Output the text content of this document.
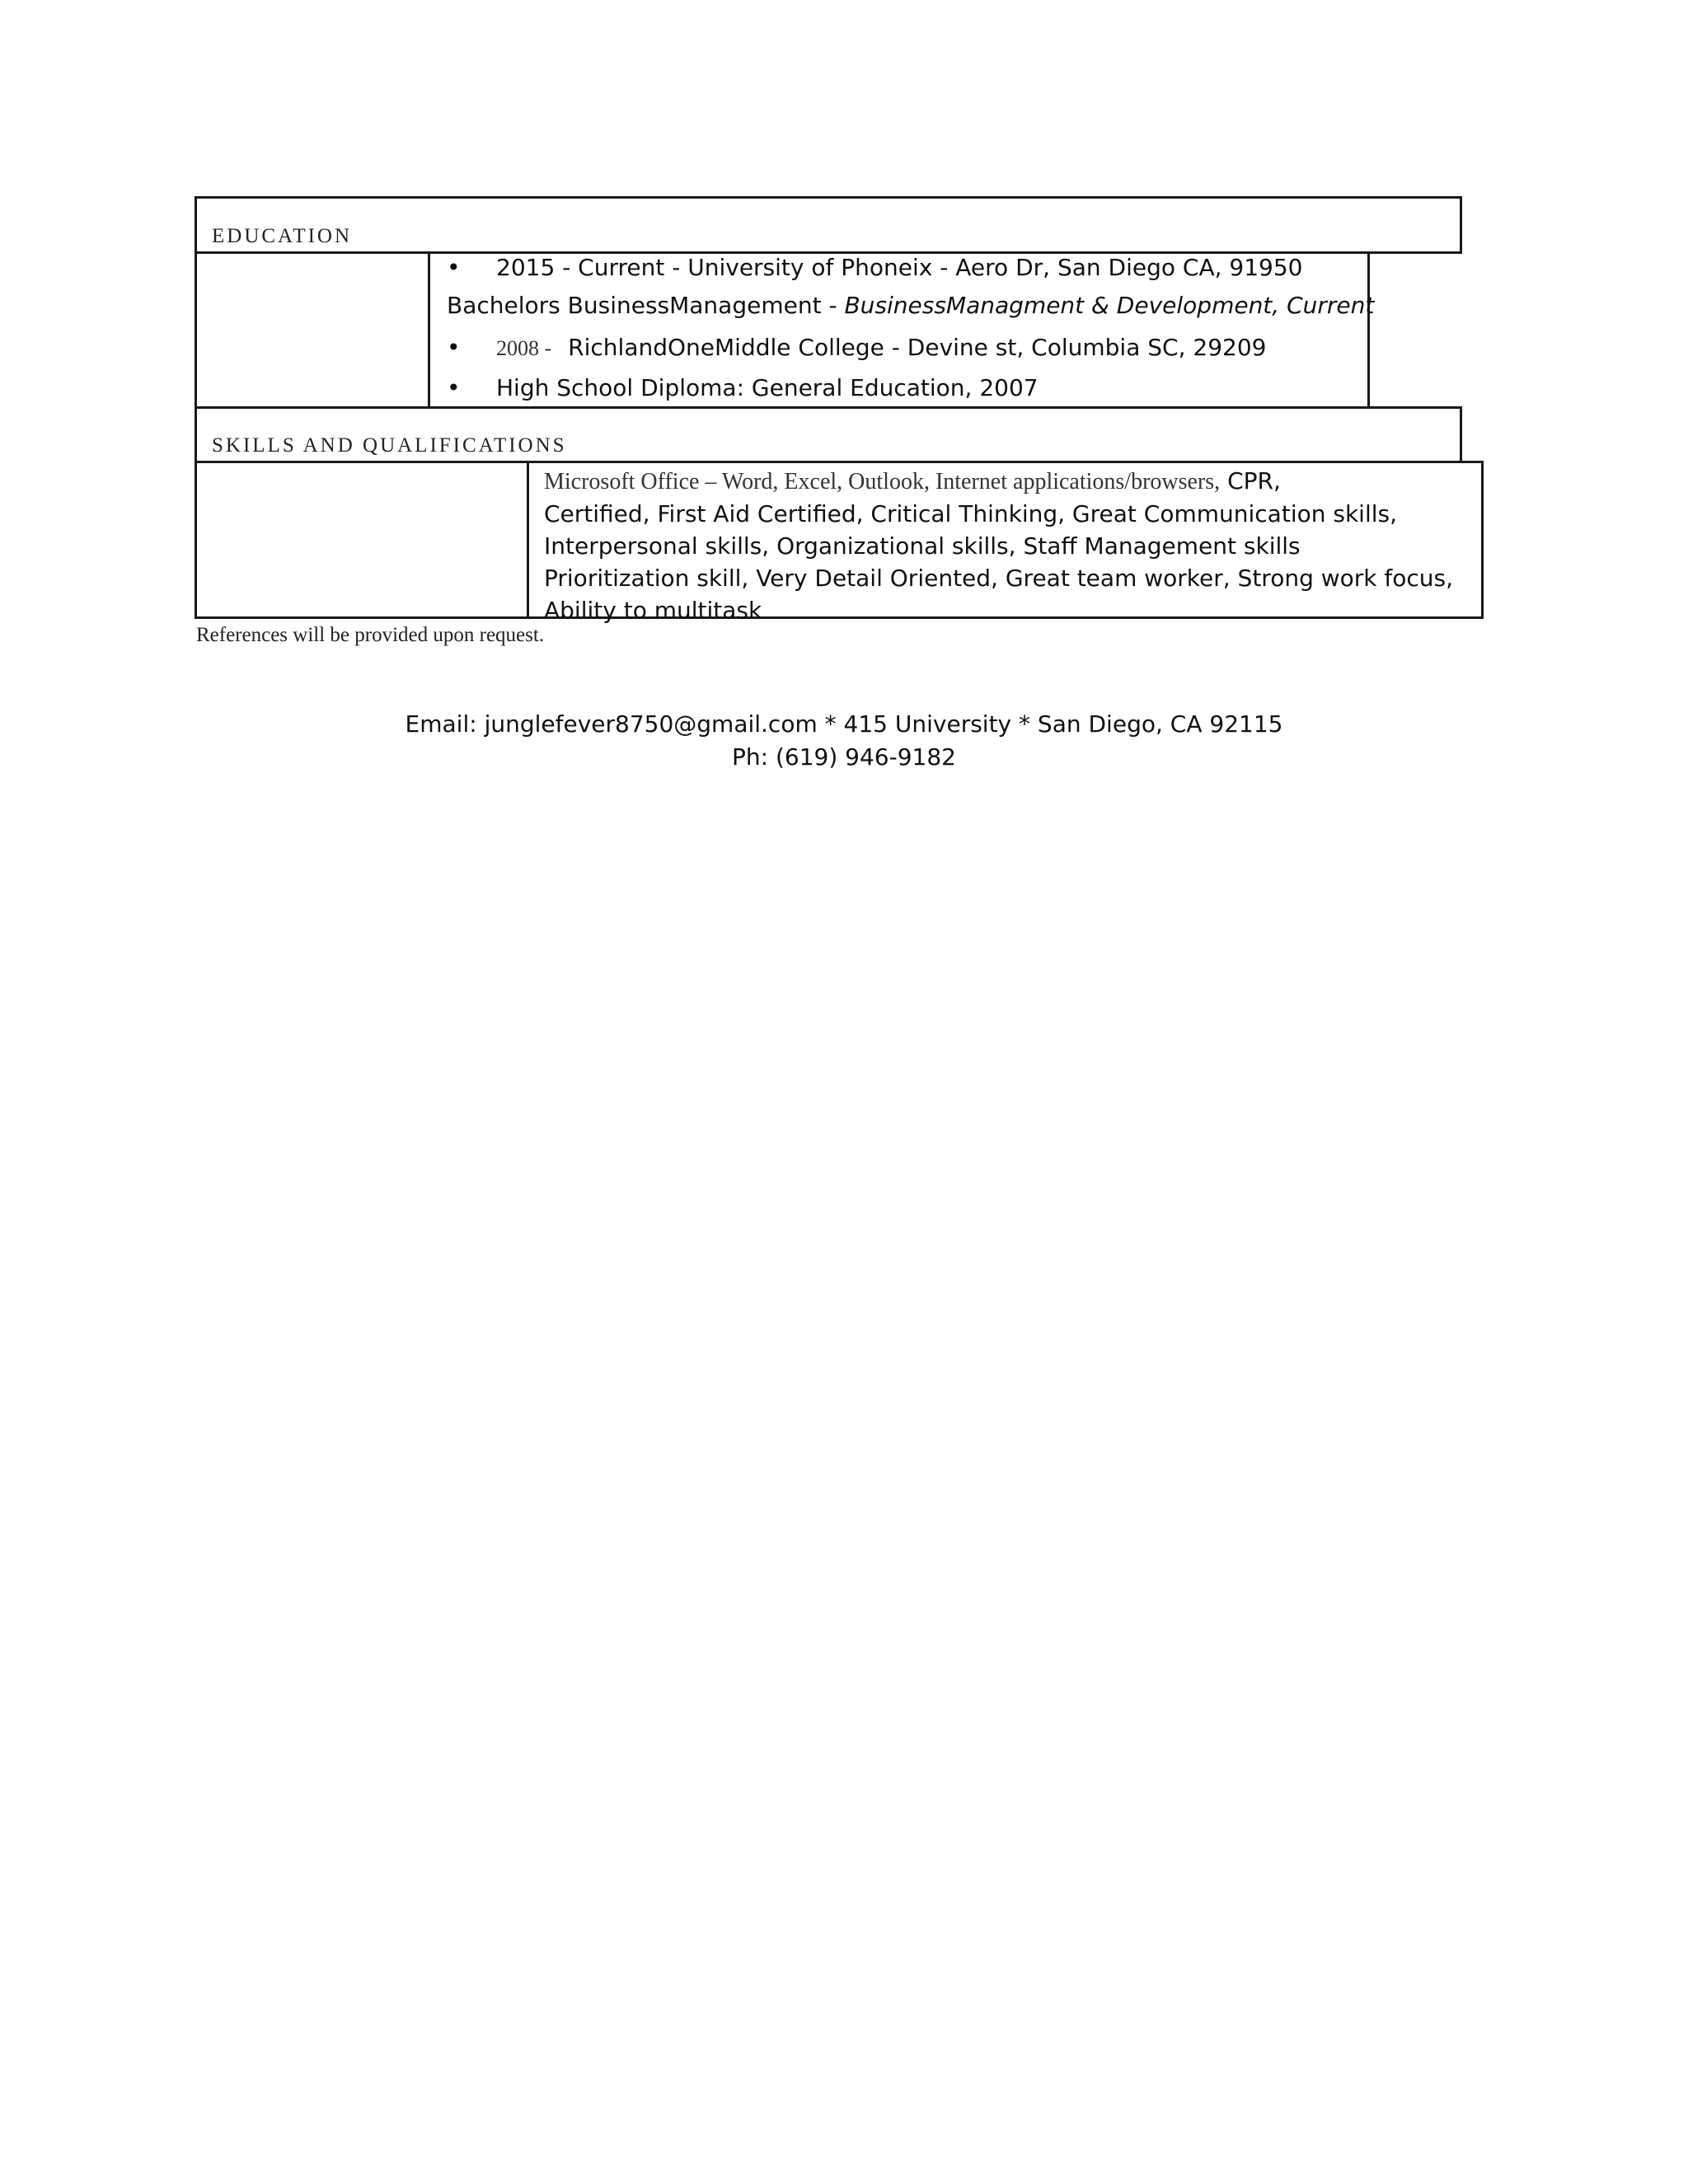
EDUCATION
• 2015 - Current - University of Phoneix - Aero Dr, San Diego CA, 91950
Bachelors BusinessManagement - BusinessManagment & Development, Current
• 2008 - RichlandOneMiddle College - Devine st, Columbia SC, 29209
• High School Diploma: General Education, 2007
SKILLS AND QUALIFICATIONS
Microsoft Office – Word, Excel, Outlook, Internet applications/browsers, CPR,
Certified, First Aid Certified, Critical Thinking, Great Communication skills,
Interpersonal skills, Organizational skills, Staff Management skills
Prioritization skill, Very Detail Oriented, Great team worker, Strong work focus,
Ability to multitask
References will be provided upon request.
Email: junglefever8750@gmail.com * 415 University * San Diego, CA 92115
Ph: (619) 946-9182
